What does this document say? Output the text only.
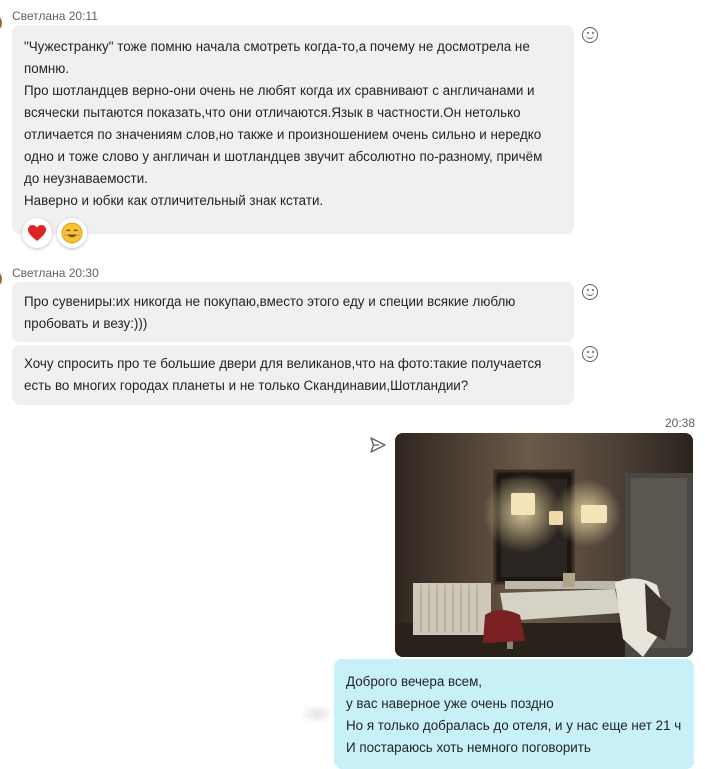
Светлана 20:11

"Чужестранку" тоже помню начала смотреть когда-то,а почему не досмотрела не

помню.

Про шотландцев верно-они очень не любят когда их сравнивают с англичанами и

всячески пытаются показать,что они отличаются.Язык в частности.Он нетолько

отличается по значениям слов,но также и произношением очень сильно и нередко

одно и тоже слово у англичан и шотландцев звучит абсолютно по-разному, причём

до неузнаваемости.

Наверно и юбки как отличительный знак кстати.

Светлана 20:30

Про сувениры:их никогда не покупаю,вместо этого еду и специи всякие люблю

пробовать и везу:)))

Хочу спросить про те большие двери для великанов,что на фото:такие получается

есть во многих городах планеты и не только Скандинавии,Шотландии?

20:38

Доброго вечера всем,

у вас наверное уже очень поздно

Но я только добралась до отеля, и у нас еще нет 21 ч

И постараюсь хоть немного поговорить
